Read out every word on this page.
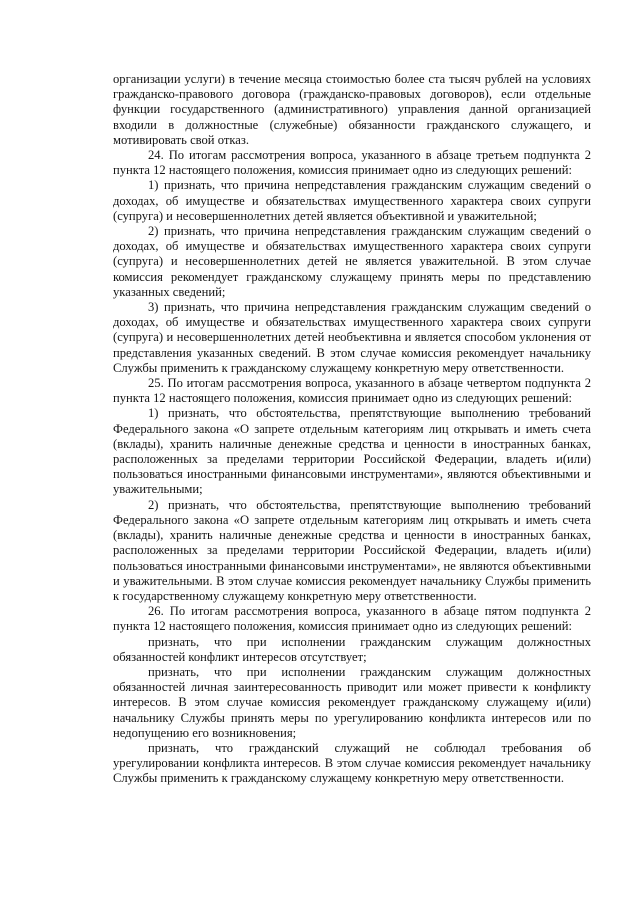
организации услуги) в течение месяца стоимостью более ста тысяч рублей на условиях гражданско-правового договора (гражданско-правовых договоров), если отдельные функции государственного (административного) управления данной организацией входили в должностные (служебные) обязанности гражданского служащего, и мотивировать свой отказ.

24. По итогам рассмотрения вопроса, указанного в абзаце третьем подпункта 2 пункта 12 настоящего положения, комиссия принимает одно из следующих решений:

1) признать, что причина непредставления гражданским служащим сведений о доходах, об имуществе и обязательствах имущественного характера своих супруги (супруга) и несовершеннолетних детей является объективной и уважительной;

2) признать, что причина непредставления гражданским служащим сведений о доходах, об имуществе и обязательствах имущественного характера своих супруги (супруга) и несовершеннолетних детей не является уважительной. В этом случае комиссия рекомендует гражданскому служащему принять меры по представлению указанных сведений;

3) признать, что причина непредставления гражданским служащим сведений о доходах, об имуществе и обязательствах имущественного характера своих супруги (супруга) и несовершеннолетних детей необъективна и является способом уклонения от представления указанных сведений. В этом случае комиссия рекомендует начальнику Службы применить к гражданскому служащему конкретную меру ответственности.

25. По итогам рассмотрения вопроса, указанного в абзаце четвертом подпункта 2 пункта 12 настоящего положения, комиссия принимает одно из следующих решений:

1) признать, что обстоятельства, препятствующие выполнению требований Федерального закона «О запрете отдельным категориям лиц открывать и иметь счета (вклады), хранить наличные денежные средства и ценности в иностранных банках, расположенных за пределами территории Российской Федерации, владеть и(или) пользоваться иностранными финансовыми инструментами», являются объективными и уважительными;

2) признать, что обстоятельства, препятствующие выполнению требований Федерального закона «О запрете отдельным категориям лиц открывать и иметь счета (вклады), хранить наличные денежные средства и ценности в иностранных банках, расположенных за пределами территории Российской Федерации, владеть и(или) пользоваться иностранными финансовыми инструментами», не являются объективными и уважительными. В этом случае комиссия рекомендует начальнику Службы применить к государственному служащему конкретную меру ответственности.

26. По итогам рассмотрения вопроса, указанного в абзаце пятом подпункта 2 пункта 12 настоящего положения, комиссия принимает одно из следующих решений:

признать, что при исполнении гражданским служащим должностных обязанностей конфликт интересов отсутствует;

признать, что при исполнении гражданским служащим должностных обязанностей личная заинтересованность приводит или может привести к конфликту интересов. В этом случае комиссия рекомендует гражданскому служащему и(или) начальнику Службы принять меры по урегулированию конфликта интересов или по недопущению его возникновения;

признать, что гражданский служащий не соблюдал требования об урегулировании конфликта интересов. В этом случае комиссия рекомендует начальнику Службы применить к гражданскому служащему конкретную меру ответственности.
